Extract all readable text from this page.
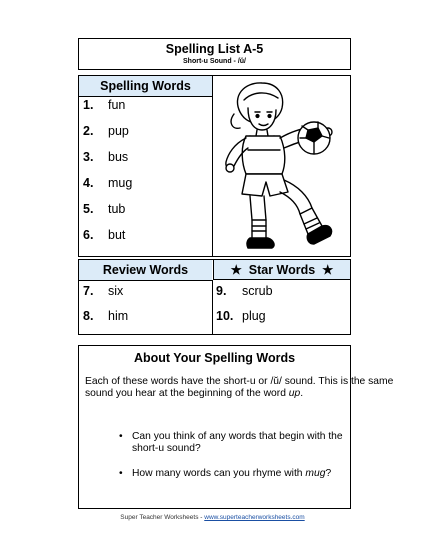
Spelling List A-5
Short-u Sound - /ŭ/
Spelling Words
1. fun
2. pup
3. bus
4. mug
5. tub
6. but
Review Words	★ Star Words ★
7. six
8. him
9. scrub
10. plug
About Your Spelling Words
Each of these words have the short-u or /ŭ/ sound. This is the same sound you hear at the beginning of the word up.
• Can you think of any words that begin with the short-u sound?
• How many words can you rhyme with mug?
Super Teacher Worksheets - www.superteacherworksheets.com
